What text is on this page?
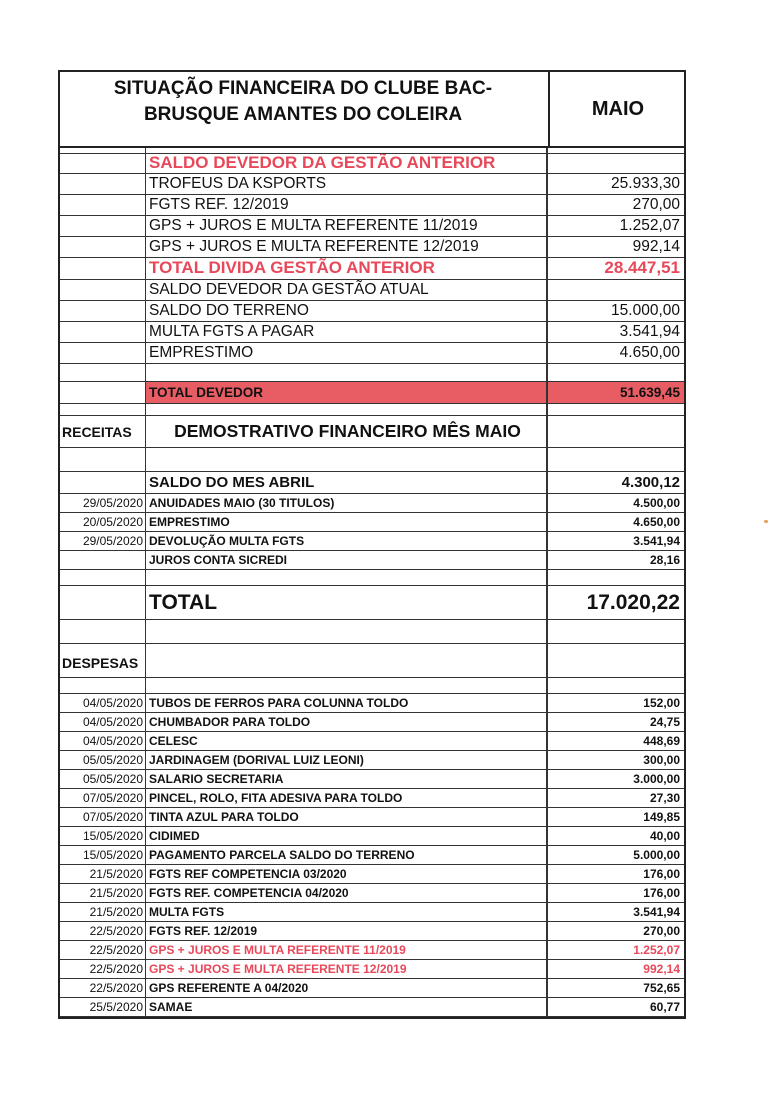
SITUAÇÃO FINANCEIRA DO CLUBE BAC-
BRUSQUE AMANTES DO COLEIRA	MAIO
SALDO DEVEDOR DA GESTÃO ANTERIOR
TROFEUS DA KSPORTS	25.933,30
FGTS REF. 12/2019	270,00
GPS + JUROS E MULTA REFERENTE 11/2019	1.252,07
GPS + JUROS E MULTA REFERENTE 12/2019	992,14
TOTAL DIVIDA GESTÃO ANTERIOR	28.447,51
SALDO DEVEDOR DA GESTÃO ATUAL
SALDO DO TERRENO	15.000,00
MULTA FGTS A PAGAR	3.541,94
EMPRESTIMO	4.650,00
TOTAL DEVEDOR	51.639,45
RECEITAS	DEMOSTRATIVO FINANCEIRO MÊS MAIO
SALDO DO MES ABRIL	4.300,12
29/05/2020 ANUIDADES MAIO (30 TITULOS)	4.500,00
20/05/2020 EMPRESTIMO	4.650,00
29/05/2020 DEVOLUÇÃO MULTA FGTS	3.541,94
JUROS CONTA SICREDI	28,16
TOTAL	17.020,22
DESPESAS
04/05/2020 TUBOS DE FERROS PARA COLUNNA TOLDO	152,00
04/05/2020 CHUMBADOR PARA TOLDO	24,75
04/05/2020 CELESC	448,69
05/05/2020 JARDINAGEM (DORIVAL LUIZ LEONI)	300,00
05/05/2020 SALARIO SECRETARIA	3.000,00
07/05/2020 PINCEL, ROLO, FITA ADESIVA PARA TOLDO	27,30
07/05/2020 TINTA AZUL PARA TOLDO	149,85
15/05/2020 CIDIMED	40,00
15/05/2020 PAGAMENTO PARCELA SALDO DO TERRENO	5.000,00
21/5/2020 FGTS REF COMPETENCIA 03/2020	176,00
21/5/2020 FGTS REF. COMPETENCIA 04/2020	176,00
21/5/2020 MULTA FGTS	3.541,94
22/5/2020 FGTS REF. 12/2019	270,00
22/5/2020 GPS + JUROS E MULTA REFERENTE 11/2019	1.252,07
22/5/2020 GPS + JUROS E MULTA REFERENTE 12/2019	992,14
22/5/2020 GPS REFERENTE A 04/2020	752,65
25/5/2020 SAMAE	60,77
